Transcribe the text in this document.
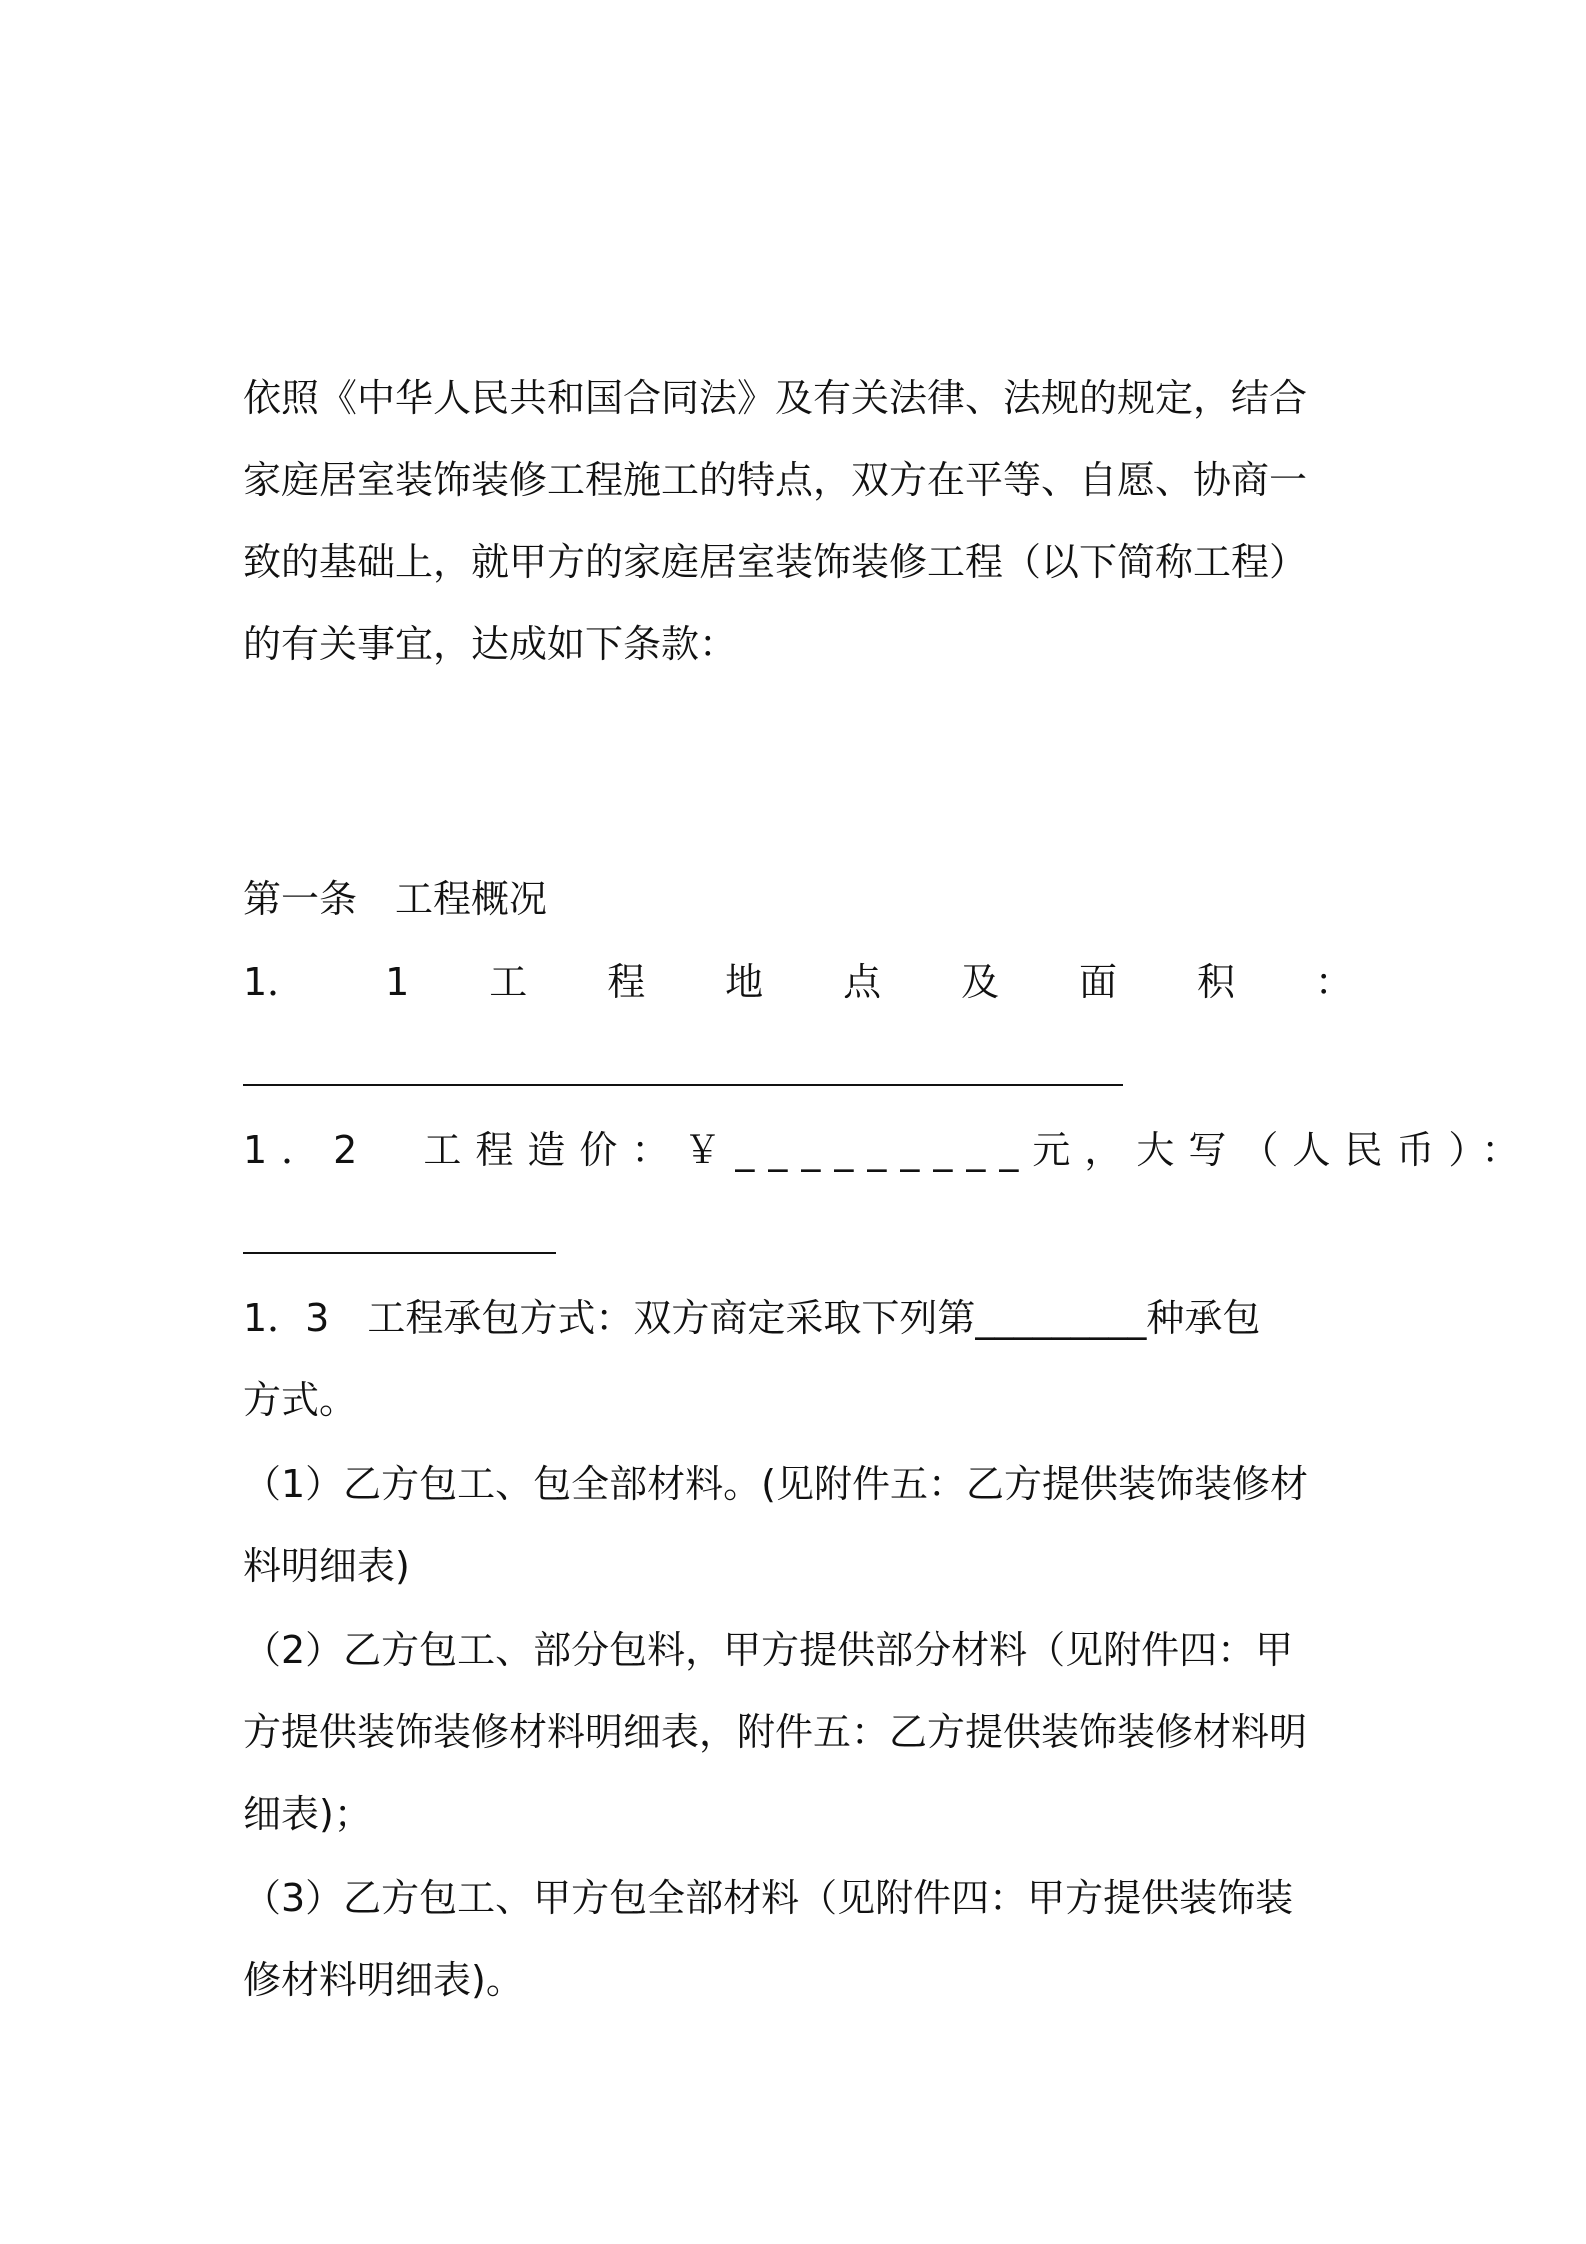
依照《中华人民共和国合同法》及有关法律、法规的规定，结合
家庭居室装饰装修工程施工的特点，双方在平等、自愿、协商一
致的基础上，就甲方的家庭居室装饰装修工程（以下简称工程）
的有关事宜，达成如下条款：
第一条　工程概况
1． 1 工 程 地 点 及 面 积 ：
1．2　工程造价：￥_________元，大写（人民币）：
1．3　工程承包方式：双方商定采取下列第_________种承包
方式。
（1）乙方包工、包全部材料。(见附件五：乙方提供装饰装修材
料明细表)
（2）乙方包工、部分包料，甲方提供部分材料（见附件四：甲
方提供装饰装修材料明细表，附件五：乙方提供装饰装修材料明
细表)；
（3）乙方包工、甲方包全部材料（见附件四：甲方提供装饰装
修材料明细表)。
